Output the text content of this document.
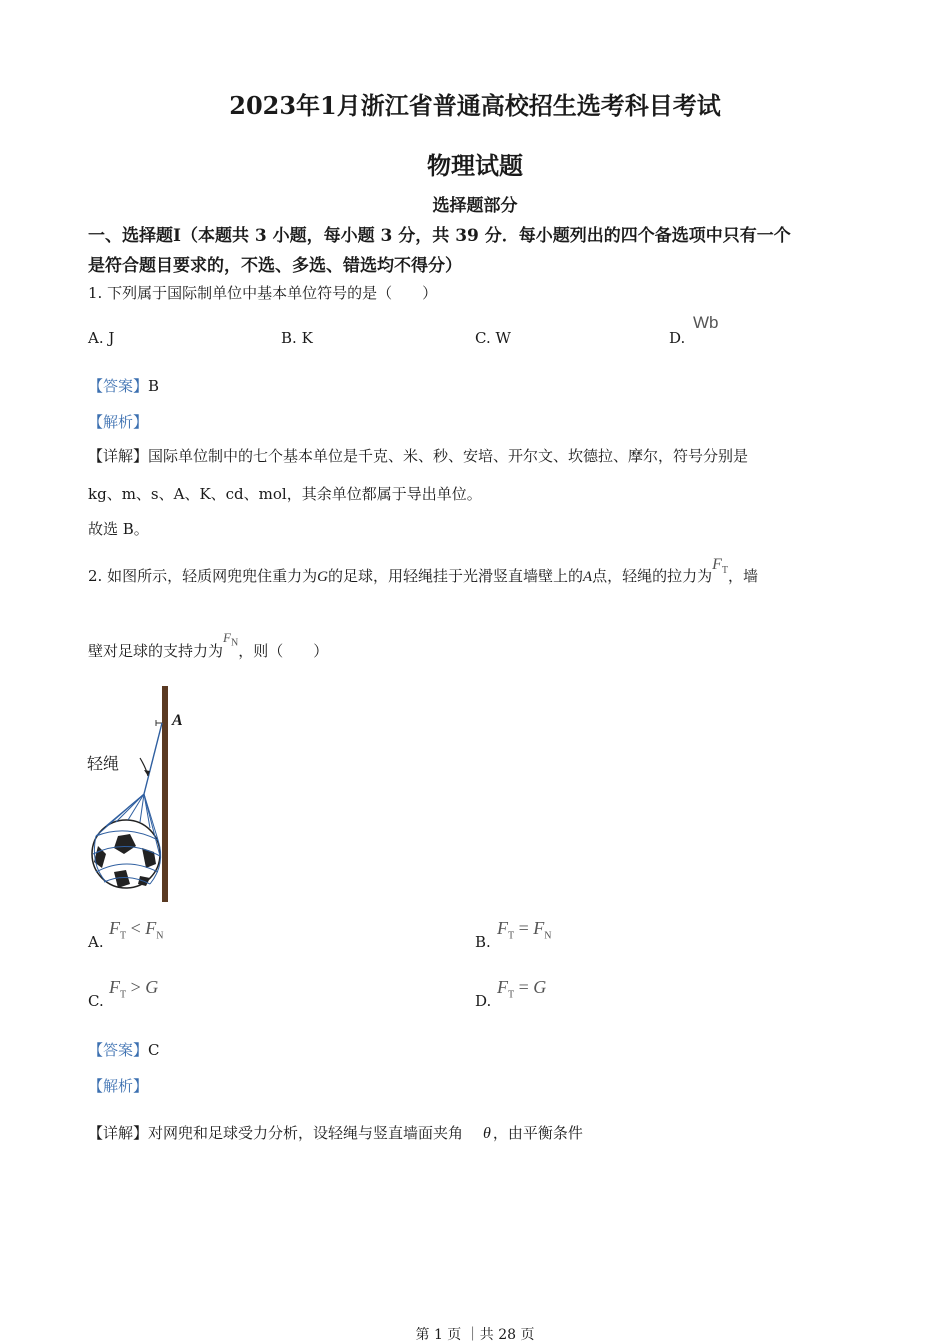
2023年1月浙江省普通高校招生选考科目考试
物理试题
选择题部分
一、选择题Ⅰ（本题共 3 小题，每小题 3 分，共 39 分．每小题列出的四个备选项中只有一个
是符合题目要求的，不选、多选、错选均不得分）
1. 下列属于国际制单位中基本单位符号的是（　　）
A. J	B. K	C. W	D.
Wb
【答案】B
【解析】
【详解】国际单位制中的七个基本单位是千克、米、秒、安培、开尔文、坎德拉、摩尔，符号分别是
kg、m、s、A、K、cd、mol，其余单位都属于导出单位。
故选 B。
2. 如图所示，轻质网兜兜住重力为G的足球，用轻绳挂于光滑竖直墙壁上的A点，轻绳的拉力为$F_T$，墙
壁对足球的支持力为$F_N$，则（　　）
轻绳
A
A.
$F_T < F_N$	B.
$F_T = F_N$
C.
$F_T > G$
D.
$F_T = G$
【答案】C
【解析】
【详解】对网兜和足球受力分析，设轻绳与竖直墙面夹角 θ ，由平衡条件
第 1 页 ｜共 28 页
